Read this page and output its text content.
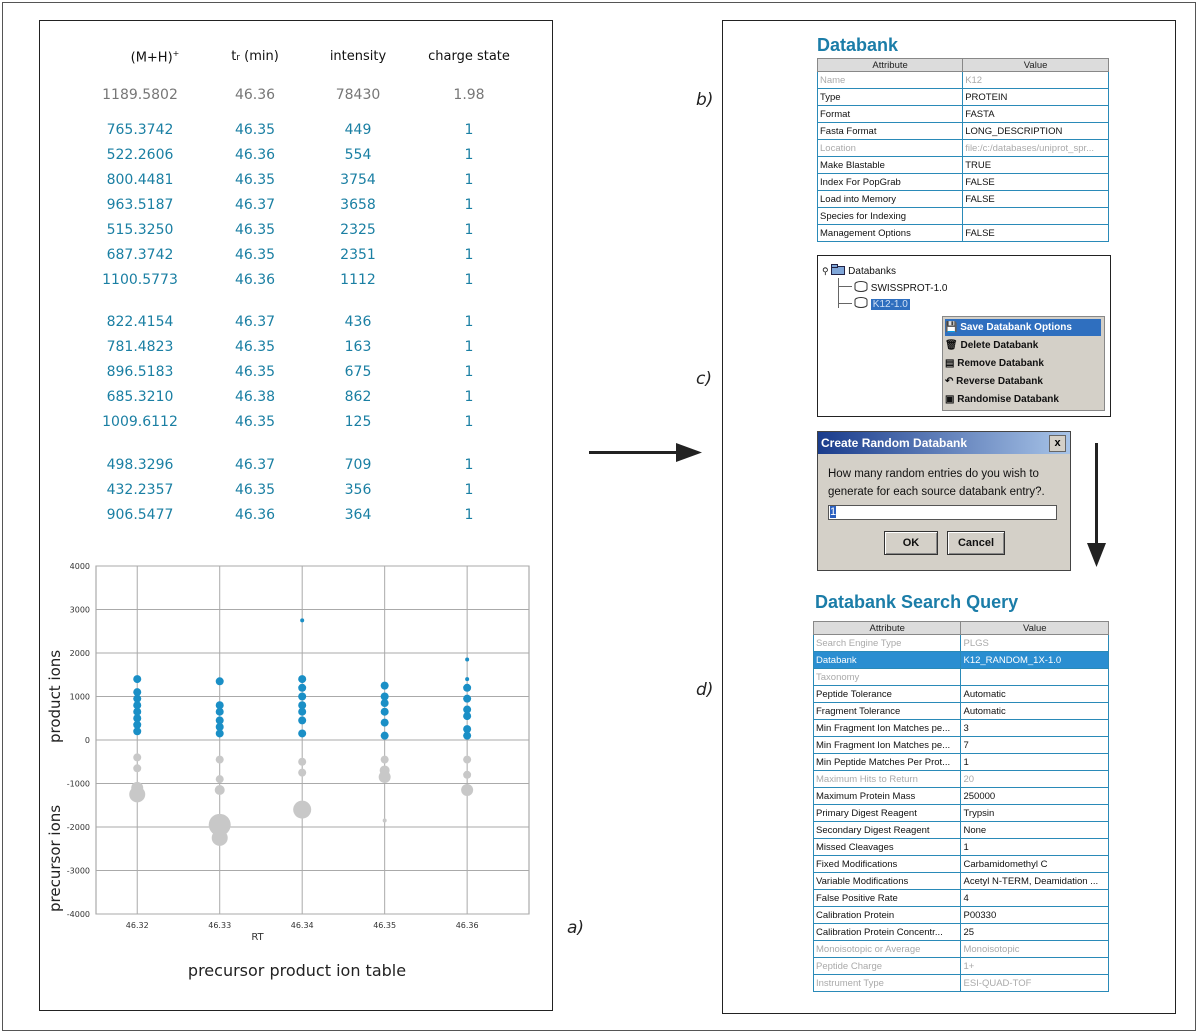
(M+H)+	tr (min)	intensity	charge state
1189.5802	46.36	78430	1.98
765.3742	46.35	449	1
522.2606	46.36	554	1
800.4481	46.35	3754	1
963.5187	46.37	3658	1
515.3250	46.35	2325	1
687.3742	46.35	2351	1
1100.5773	46.36	1112	1
822.4154	46.37	436	1
781.4823	46.35	163	1
896.5183	46.35	675	1
685.3210	46.38	862	1
1009.6112	46.35	125	1
498.3296	46.37	709	1
432.2357	46.35	356	1
906.5477	46.36	364	1
4000
3000
2000
1000
0
-1000
-2000
-3000
-4000
46.32	46.33	46.34	46.35	46.36
RT
product ions
precursor ions
precursor product ion table
a)
b)
c)
d)
Databank
Attribute	Value
Name	K12
Type	PROTEIN
Format	FASTA
Fasta Format	LONG_DESCRIPTION
Location	file:/c:/databases/uniprot_spr...
Make Blastable	TRUE
Index For PopGrab	FALSE
Load into Memory	FALSE
Species for Indexing	
Management Options	FALSE
⚲ Databanks
SWISSPROT-1.0
K12-1.0
💾 Save Databank Options
🗑 Delete Databank
▤ Remove Databank
↶ Reverse Databank
▣ Randomise Databank
Create Random Databank	x
How many random entries do you wish to
generate for each source databank entry?.
1
OK	Cancel
Databank Search Query
Attribute	Value
Search Engine Type	PLGS
Databank	K12_RANDOM_1X-1.0
Taxonomy	
Peptide Tolerance	Automatic
Fragment Tolerance	Automatic
Min Fragment Ion Matches pe...	3
Min Fragment Ion Matches pe...	7
Min Peptide Matches Per Prot...	1
Maximum Hits to Return	20
Maximum Protein Mass	250000
Primary Digest Reagent	Trypsin
Secondary Digest Reagent	None
Missed Cleavages	1
Fixed Modifications	Carbamidomethyl C
Variable Modifications	Acetyl N-TERM, Deamidation ...
False Positive Rate	4
Calibration Protein	P00330
Calibration Protein Concentr...	25
Monoisotopic or Average	Monoisotopic
Peptide Charge	1+
Instrument Type	ESI-QUAD-TOF
